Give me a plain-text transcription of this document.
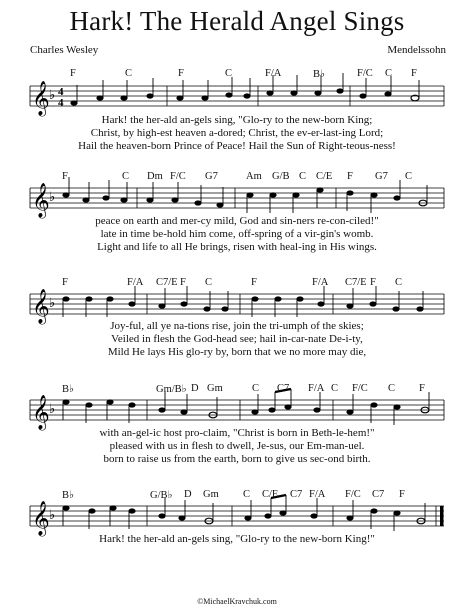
Hark! The Herald Angel Sings
Charles Wesley	Mendelssohn
𝄞 ♭ 4
4
F	C	F	C	F/A	B♭	F/C C F
Hark! the her-ald an-gels sing, "Glo-ry to the new-born King;
Christ, by high-est heaven a-dored; Christ, the ev-er-last-ing Lord;
Hail the heaven-born Prince of Peace! Hail the Sun of Right-teous-ness!
𝄞 ♭
F	C Dm F/C G7	Am G/B C C/E F G7 C
peace on earth and mer-cy mild, God and sin-ners re-con-ciled!"
late in time be-hold him come, off-spring of a vir-gin's womb.
Light and life to all He brings, risen with heal-ing in His wings.
𝄞 ♭
F	F/A C7/E F C	F	F/A C7/E F C
Joy-ful, all ye na-tions rise, join the tri-umph of the skies;
Veiled in flesh the God-head see; hail in-car-nate De-i-ty,
Mild He lays His glo-ry by, born that we no more may die,
𝄞 ♭
B♭	Gm/B♭ D Gm	C C7 F/A C F/C C F
with an-gel-ic host pro-claim, "Christ is born in Beth-le-hem!"
pleased with us in flesh to dwell, Je-sus, our Em-man-uel.
born to raise us from the earth, born to give us sec-ond birth.
𝄞 ♭
B♭	G/B♭ D Gm C C/E C7 F/A F/C C7 F
Hark! the her-ald an-gels sing, "Glo-ry to the new-born King!"
©MichaelKravchuk.com
